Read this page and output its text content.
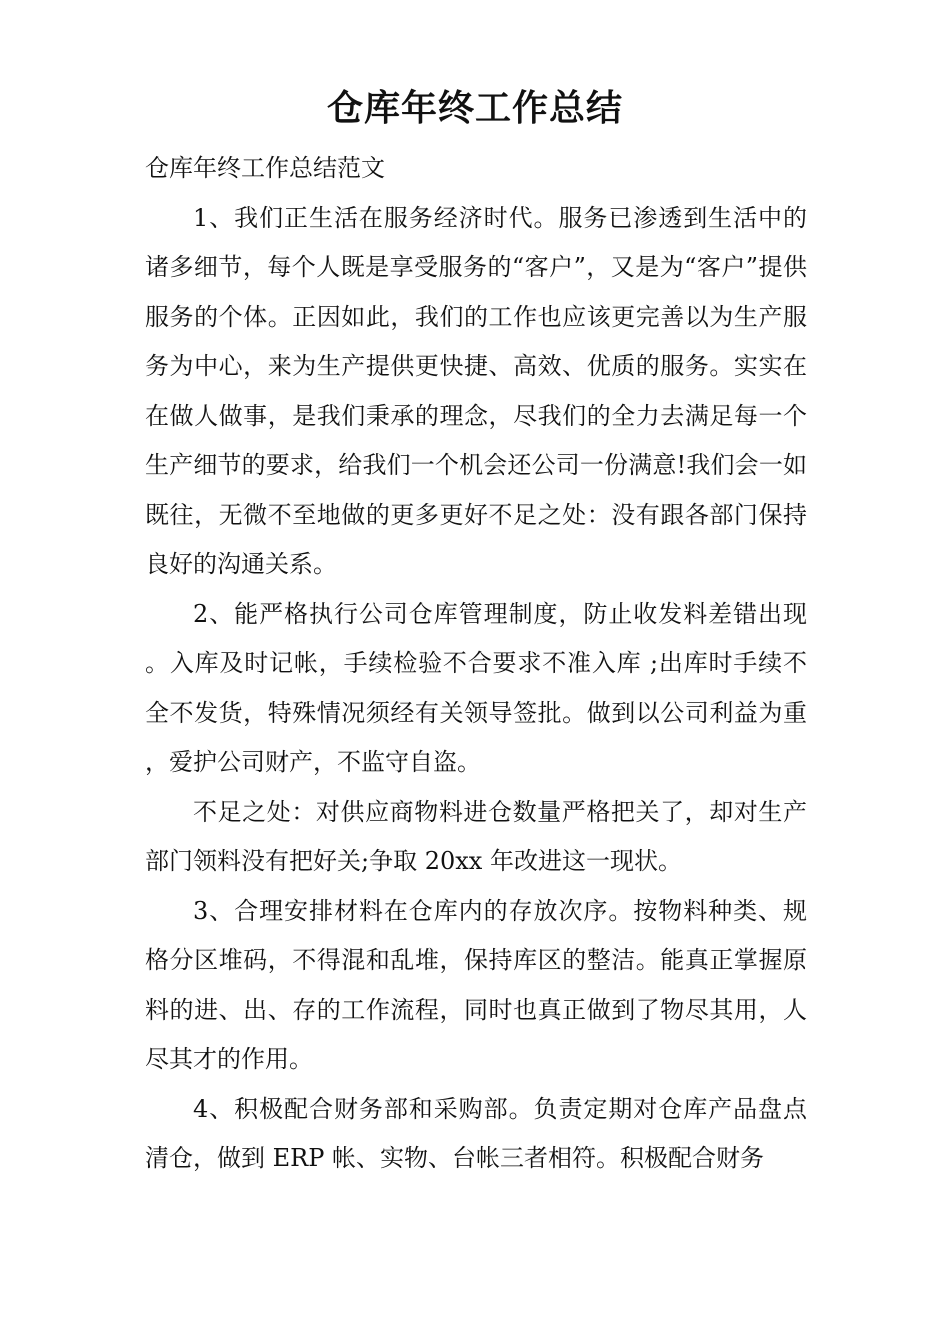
仓库年终工作总结

仓库年终工作总结范文

1、我们正生活在服务经济时代。服务已渗透到生活中的诸多细节，每个人既是享受服务的“客户”，又是为“客户”提供服务的个体。正因如此，我们的工作也应该更完善以为生产服务为中心，来为生产提供更快捷、高效、优质的服务。实实在在做人做事，是我们秉承的理念，尽我们的全力去满足每一个生产细节的要求，给我们一个机会还公司一份满意!我们会一如既往，无微不至地做的更多更好不足之处：没有跟各部门保持良好的沟通关系。

2、能严格执行公司仓库管理制度，防止收发料差错出现。入库及时记帐，手续检验不合要求不准入库 ;出库时手续不全不发货，特殊情况须经有关领导签批。做到以公司利益为重，爱护公司财产，不监守自盗。

不足之处：对供应商物料进仓数量严格把关了，却对生产部门领料没有把好关;争取 20xx 年改进这一现状。

3、合理安排材料在仓库内的存放次序。按物料种类、规格分区堆码，不得混和乱堆，保持库区的整洁。能真正掌握原料的进、出、存的工作流程，同时也真正做到了物尽其用，人尽其才的作用。

4、积极配合财务部和采购部。负责定期对仓库产品盘点清仓，做到 ERP 帐、实物、台帐三者相符。积极配合财务
